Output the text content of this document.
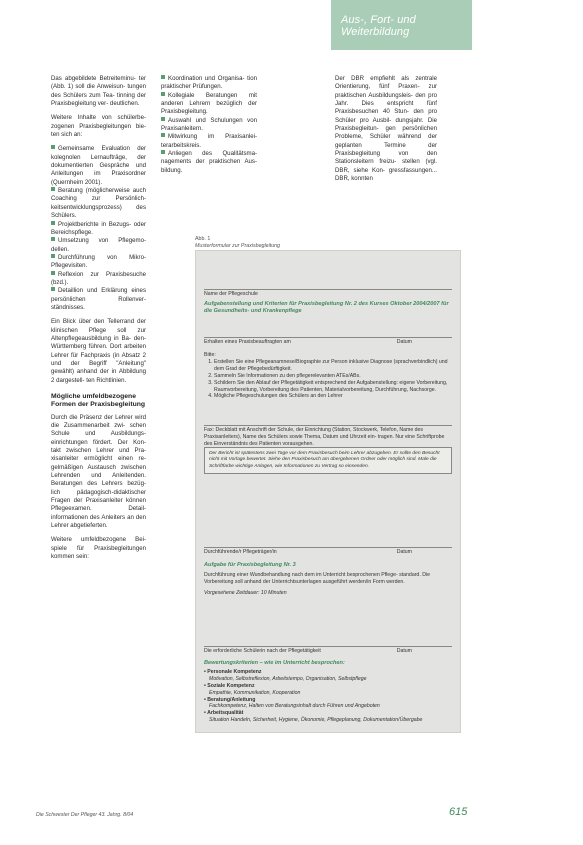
Aus-, Fort- und
Weiterbildung

Das abgebildete Betreiteminu- ter (Abb. 1) soll die Anweisun- tungen des Schülers zum Tea- tinning der Praxisbegleitung ver- deutlichen.

Weitere Inhalte von schülerbe- zogenen Praxisbegleitungen bie- ten sich an:

Gemeinsame Evaluation der kolegnolen Lernaufträge, der dokumentierten Gespräche und Anleitungen im Praxisordner (Quernheim 2001).
Beratung (möglicherweise auch Coaching zur Persönlich- keitsentwicklungsprozess) des Schülers.
Projektberichte in Bezugs- oder Bereichspflege.
Umsetzung von Pflegemo- dellen.
Durchführung von Mikro- Pflegevisiten.
Reflexion zur Praxisbesuche (bzd.).
Detaillion und Erklärung eines persönlichen Rollenver- ständnisses.

Ein Blick über den Tellerrand der klinischen Pflege soll zur Altenpflegeausbildung in Ba- den-Württemberg führen. Dort arbeiten Lehrer für Fachpraxis (in Absatz 2 und der Begriff "Anleitung" gewählt) anhand der in Abbildung 2 dargestell- ten Richtlinien.

Mögliche umfeldbezogene Formen der Praxisbegleitung

Durch die Präsenz der Lehrer wird die Zusammenarbeit zwi- schen Schule und Ausbildungs- einrichtungen fördert. Der Kon- takt zwischen Lehrer und Pra- xisanleiter ermöglicht einen re- gelmäßigen Austausch zwischen Lehrenden und Anleitenden. Beratungen des Lehrers bezüg- lich pädagogisch-didaktischer Fragen der Praxisanleiter können Pflegeexamen. Detail- informationen des Anleiters an den Lehrer abgetieferten.

Weitere umfeldbezogene Bei- spiele für Praxisbegleitungen kommen sein:

Koordination und Organisa- tion praktischer Prüfungen.
Kollegiale Beratungen mit anderen Lehrern bezüglich der Praxisbegleitung.
Auswahl und Schulungen von Praxisanleitern.
Mitwirkung im Praxisanlei- terarbeitskreis.
Anliegen des Qualitätsma- nagements der praktischen Aus- bildung.

Der DBR empfiehlt als zentrale Orientierung, fünf Praxen- zur praktischen Ausbildungsleis- den pro Jahr. Dies entspricht fünf Praxisbesuchen 40 Stun- den pro Schüler pro Ausbil- dungsjahr. Die Praxisbegleitun- gen persönlichen Probleme, Schüler während der geplanten Termine der Praxisbegleitung von den Stationsleitern freizu- stellen (vgl. DBR, siehe Kon- gressfassungen... DBR, konnten

Abb. 1
Musterformular zur Praxisbegleitung
Name der Pflegeschule
Aufgabenstellung und Kriterien für Praxisbegleitung Nr. 2 des Kurses Oktober 2004/2007 für die Gesundheits- und Krankenpflege
Erhalten eines Praxisbeauftragten am	Datum
Bitte:
1. Erstellen Sie eine Pflegeanamnese/Biographie zur Person inklusive Diagnose (sprachverbindlich) und dem Grad der Pflegebedürftigkeit.
2. Sammeln Sie Informationen zu den pflegerelevanten ATEs/ABs.
3. Schildern Sie den Ablauf der Pflegetätigkeit entsprechend der Aufgabenstellung: eigene Vorbereitung, Raumvorbereitung, Vorbereitung des Patienten, Materialvorbereitung, Durchführung, Nachsorge.
4. Mögliche Pflegeschulungen des Schülers an den Lehrer
Fax: Deckblatt mit Anschrift der Schule, der Einrichtung (Station, Stockwerk, Telefon, Name des Praxisanleiters), Name des Schülers sowie Thema, Datum und Uhrzeit ein- tragen. Nur eine Schriftprobe des Einverständnis des Patienten vorausgehen.
Der Bericht ist spätestens zwei Tage vor dem Praxisbesuch beim Lehrer abzugeben. Er sollte den Besucht nicht mit Vorlage bewertet. Siehe den Praxisbesuch am übergebenen Ordner oder möglich sind. Male die Schriftfarbe wichtige Anlagen, wie Informationen zu Vertrag so einsenden.
Durchführende/r Pflegeträger/in	Datum
Aufgabe für Praxisbegleitung Nr. 3
Durchführung einer Wundbehandlung nach dem im Unterricht besprochenen Pflege- standard. Die Vorbereitung soll anhand der Unterrichtsunterlagen ausgeführt werden/in Form werden.
Vorgesehene Zeitdauer: 10 Minuten
Die erforderliche Schülerin nach der Pflegetätigkeit	Datum
Bewertungskriterien – wie im Unterricht besprochen:
• Personale Kompetenz
Motivation, Selbstreflexion, Arbeitstempo, Organisation, Selbstpflege
• Soziale Kompetenz
Empathie, Kommunikation, Kooperation
• Beratung/Anleitung
Fachkompetenz, Halten von Beratungsinhalt durch Führen und Angeboten
• Arbeitsqualität
Situation Handeln, Sicherheit, Hygiene, Ökonomie, Pflegeplanung, Dokumentation/Übergabe
Die Schwester Der Pfleger 43. Jahrg. 8/04	615
